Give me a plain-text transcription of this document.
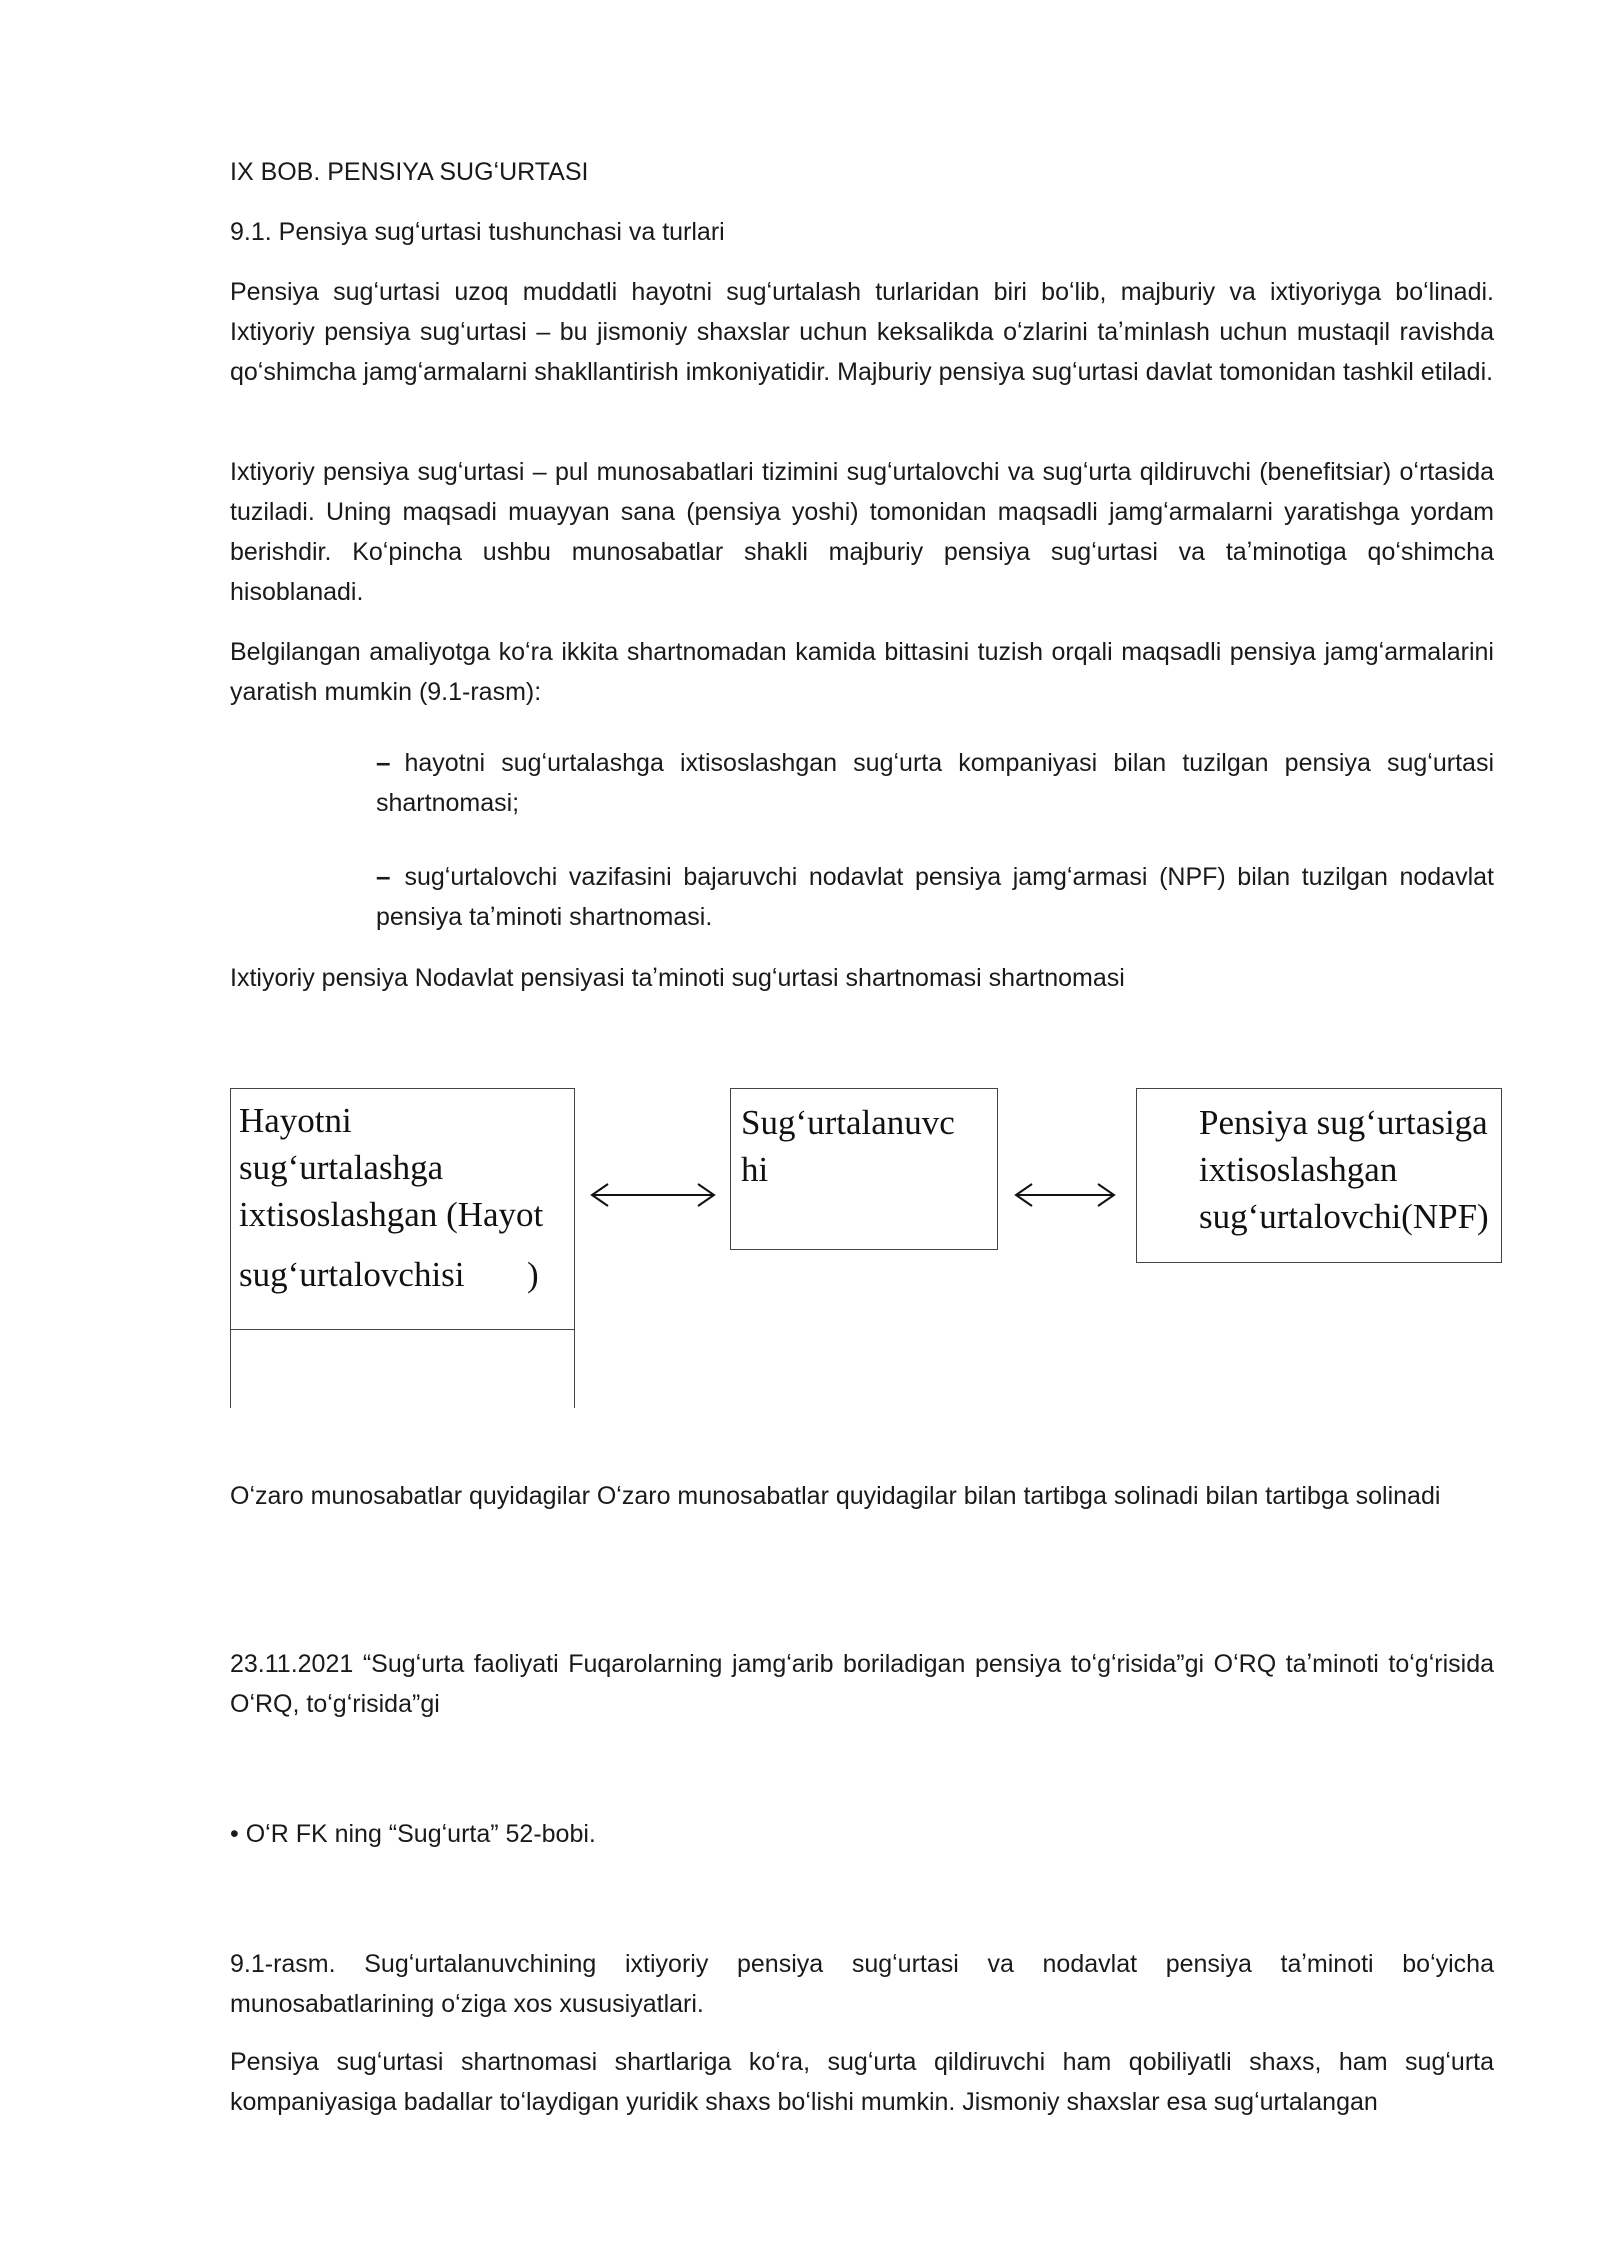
IX BOB. PENSIYA SUGʻURTASI

9.1. Pensiya sugʻurtasi tushunchasi va turlari

Pensiya sugʻurtasi uzoq muddatli hayotni sugʻurtalash turlaridan biri boʻlib, majburiy va ixtiyoriyga boʻlinadi. Ixtiyoriy pensiya sugʻurtasi – bu jismoniy shaxslar uchun keksalikda oʻzlarini taʼminlash uchun mustaqil ravishda qoʻshimcha jamgʻarmalarni shakllantirish imkoniyatidir. Majburiy pensiya sugʻurtasi davlat tomonidan tashkil etiladi.

Ixtiyoriy pensiya sugʻurtasi – pul munosabatlari tizimini sugʻurtalovchi va sugʻurta qildiruvchi (benefitsiar) oʻrtasida tuziladi. Uning maqsadi muayyan sana (pensiya yoshi) tomonidan maqsadli jamgʻarmalarni yaratishga yordam berishdir. Koʻpincha ushbu munosabatlar shakli majburiy pensiya sugʻurtasi va taʼminotiga qoʻshimcha hisoblanadi.

Belgilangan amaliyotga koʻra ikkita shartnomadan kamida bittasini tuzish orqali maqsadli pensiya jamgʻarmalarini yaratish mumkin (9.1-rasm):

– hayotni sugʻurtalashga ixtisoslashgan sugʻurta kompaniyasi bilan tuzilgan pensiya sugʻurtasi shartnomasi;

– sugʻurtalovchi vazifasini bajaruvchi nodavlat pensiya jamgʻarmasi (NPF) bilan tuzilgan nodavlat pensiya taʼminoti shartnomasi.

Ixtiyoriy pensiya Nodavlat pensiyasi taʼminoti sugʻurtasi shartnomasi shartnomasi

Hayotni
sugʻurtalashga
ixtisoslashgan (Hayot
sugʻurtalovchisi )
Sugʻurtalanuvc
hi
Pensiya sugʻurtasiga
ixtisoslashgan
sugʻurtalovchi(NPF)

Oʻzaro munosabatlar quyidagilar Oʻzaro munosabatlar quyidagilar bilan tartibga solinadi bilan tartibga solinadi

23.11.2021 “Sugʻurta faoliyati Fuqarolarning jamgʻarib boriladigan pensiya toʻgʻrisida”gi OʻRQ taʼminoti toʻgʻrisida OʻRQ, toʻgʻrisida”gi

• OʻR FK ning “Sugʻurta” 52-bobi.

9.1-rasm. Sugʻurtalanuvchining ixtiyoriy pensiya sugʻurtasi va nodavlat pensiya taʼminoti boʻyicha munosabatlarining oʻziga xos xususiyatlari.

Pensiya sugʻurtasi shartnomasi shartlariga koʻra, sugʻurta qildiruvchi ham qobiliyatli shaxs, ham sugʻurta kompaniyasiga badallar toʻlaydigan yuridik shaxs boʻlishi mumkin. Jismoniy shaxslar esa sugʻurtalangan
